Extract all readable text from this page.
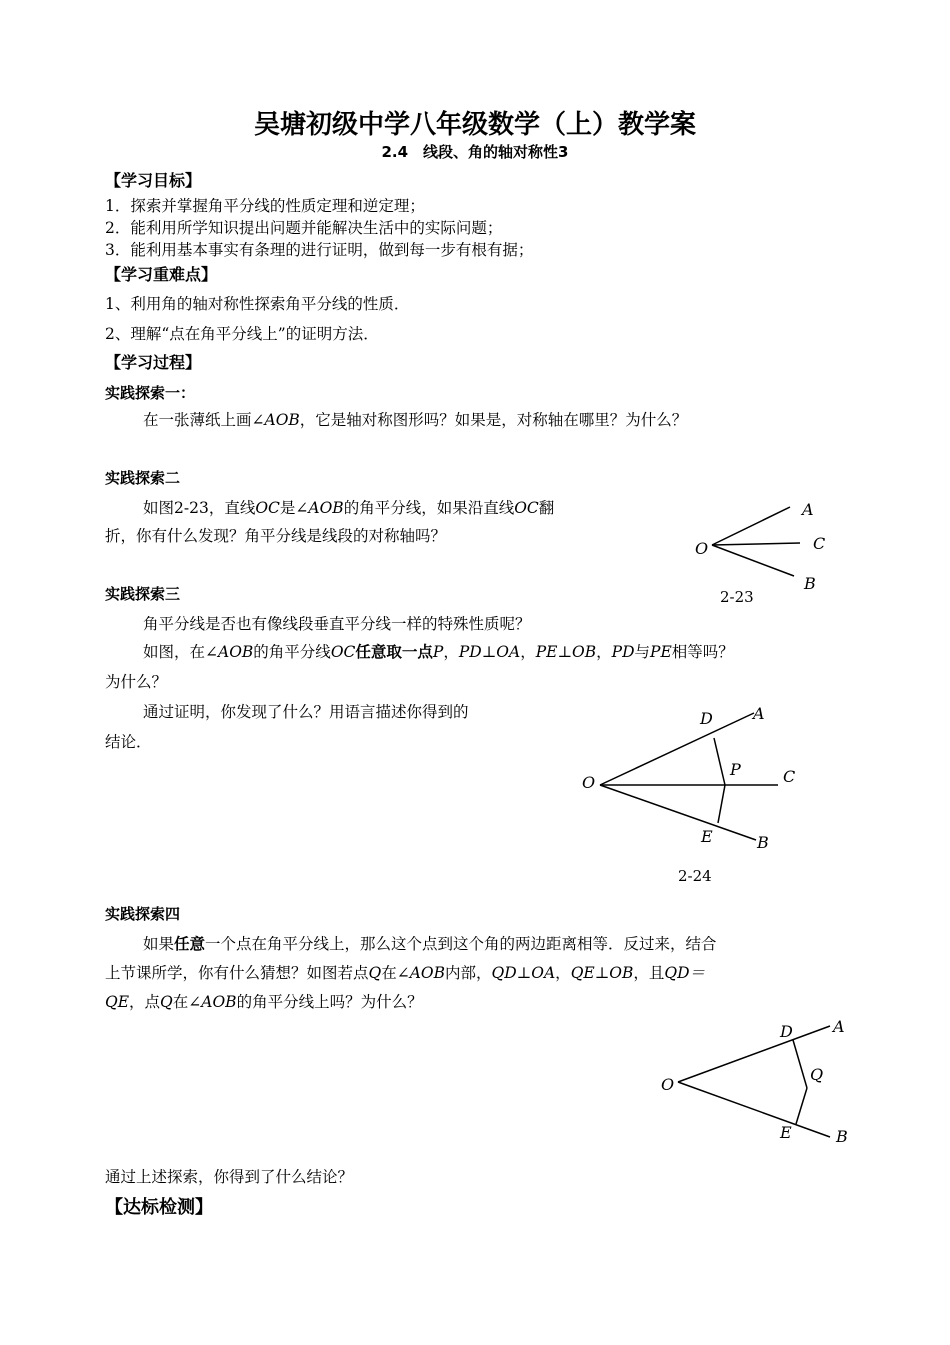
吴塘初级中学八年级数学（上）教学案
2.4　线段、角的轴对称性3
【学习目标】
1．探索并掌握角平分线的性质定理和逆定理；
2．能利用所学知识提出问题并能解决生活中的实际问题；
3．能利用基本事实有条理的进行证明，做到每一步有根有据；
【学习重难点】
1、利用角的轴对称性探索角平分线的性质．
2、理解“点在角平分线上”的证明方法．
【学习过程】
实践探索一：
在一张薄纸上画∠AOB，它是轴对称图形吗？如果是，对称轴在哪里？为什么？
实践探索二
如图2-23，直线OC是∠AOB的角平分线，如果沿直线OC翻
折，你有什么发现？角平分线是线段的对称轴吗？
A
C
O
B
2-23
实践探索三
角平分线是否也有像线段垂直平分线一样的特殊性质呢？
如图，在∠AOB的角平分线OC任意取一点P，PD⊥OA，PE⊥OB，PD与PE相等吗？
为什么？
通过证明，你发现了什么？用语言描述你得到的
结论．
D	A
P	C
O
E	B
2-24
实践探索四
如果任意一个点在角平分线上，那么这个点到这个角的两边距离相等．反过来，结合
上节课所学，你有什么猜想？如图若点Q在∠AOB内部，QD⊥OA，QE⊥OB，且QD＝
QE，点Q在∠AOB的角平分线上吗？为什么？
D	A
Q
O
E	B
通过上述探索，你得到了什么结论？
【达标检测】
